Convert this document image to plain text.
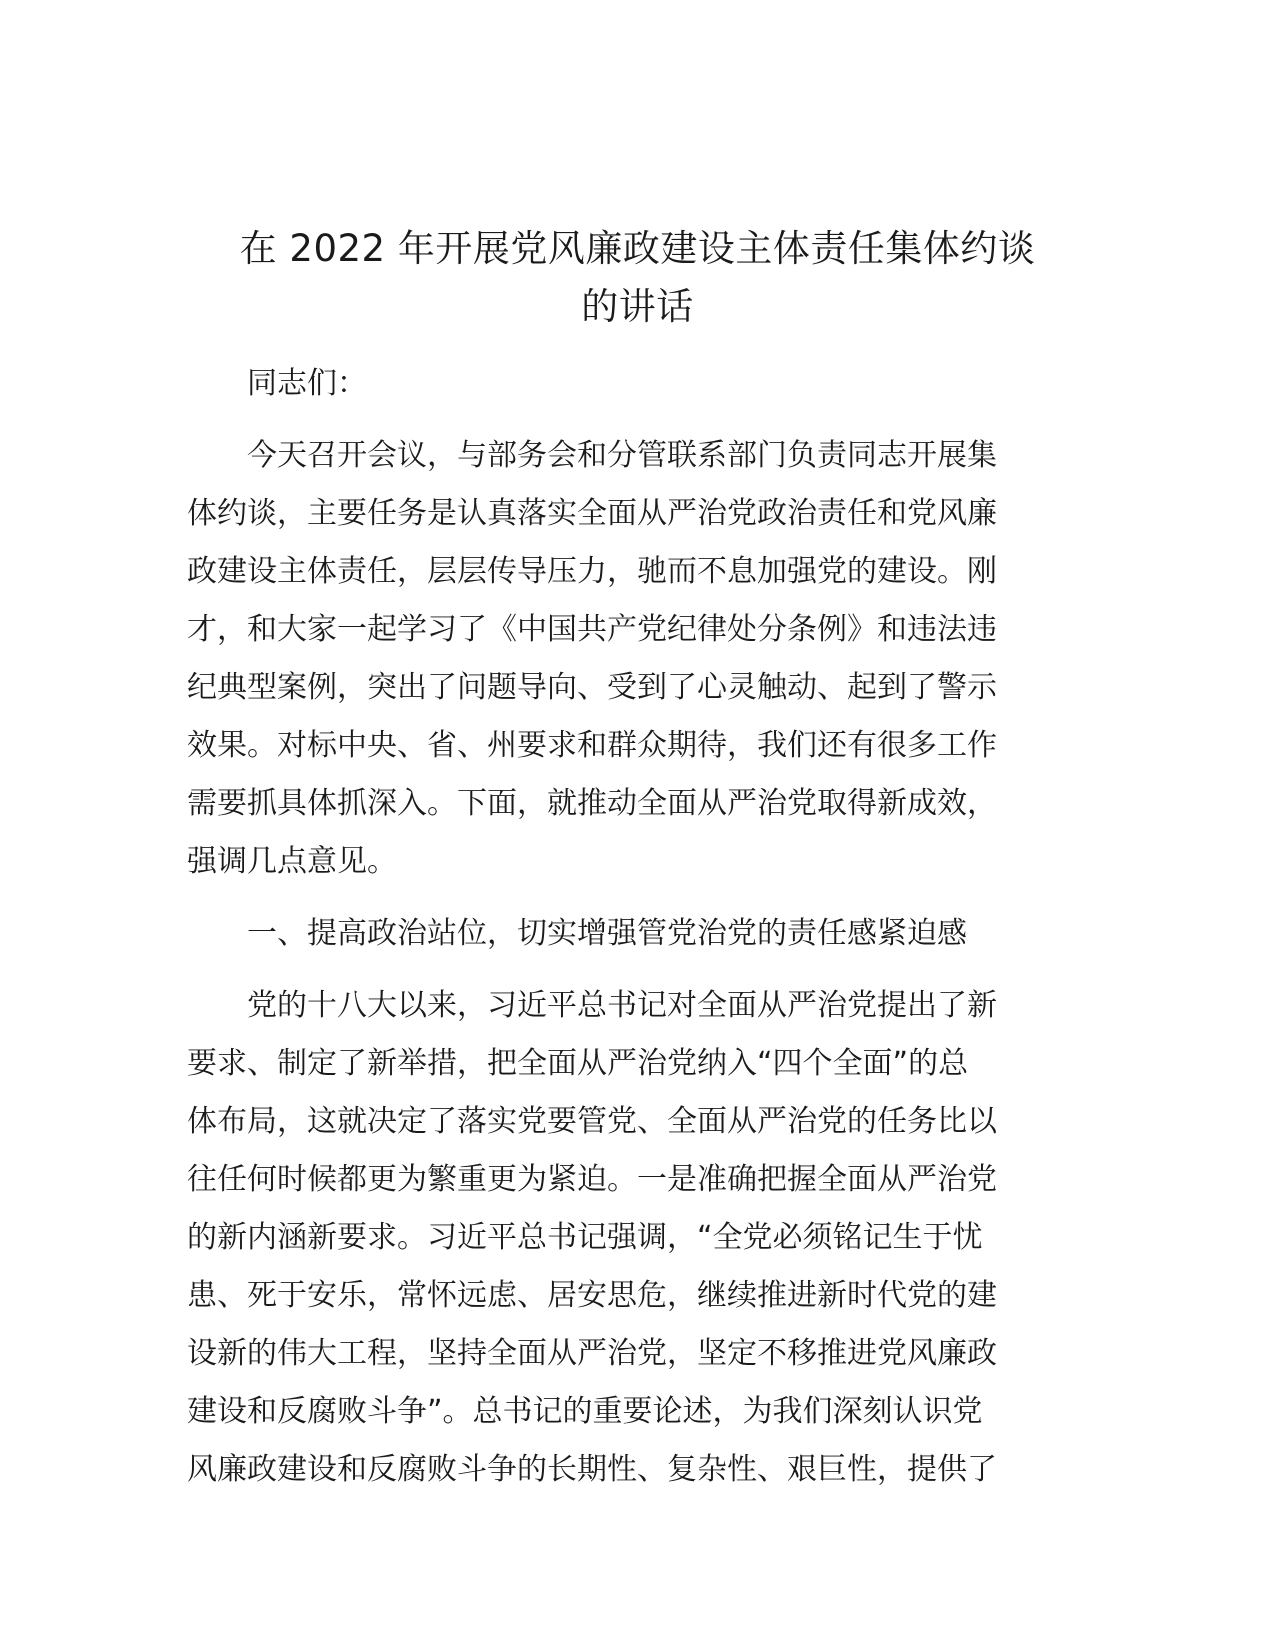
在 2022 年开展党风廉政建设主体责任集体约谈
的讲话
同志们：
今天召开会议，与部务会和分管联系部门负责同志开展集
体约谈，主要任务是认真落实全面从严治党政治责任和党风廉
政建设主体责任，层层传导压力，驰而不息加强党的建设。刚
才，和大家一起学习了《中国共产党纪律处分条例》和违法违
纪典型案例，突出了问题导向、受到了心灵触动、起到了警示
效果。对标中央、省、州要求和群众期待，我们还有很多工作
需要抓具体抓深入。下面，就推动全面从严治党取得新成效，
强调几点意见。
一、提高政治站位，切实增强管党治党的责任感紧迫感
党的十八大以来，习近平总书记对全面从严治党提出了新
要求、制定了新举措，把全面从严治党纳入“四个全面”的总
体布局，这就决定了落实党要管党、全面从严治党的任务比以
往任何时候都更为繁重更为紧迫。一是准确把握全面从严治党
的新内涵新要求。习近平总书记强调，“全党必须铭记生于忧
患、死于安乐，常怀远虑、居安思危，继续推进新时代党的建
设新的伟大工程，坚持全面从严治党，坚定不移推进党风廉政
建设和反腐败斗争”。总书记的重要论述，为我们深刻认识党
风廉政建设和反腐败斗争的长期性、复杂性、艰巨性，提供了
